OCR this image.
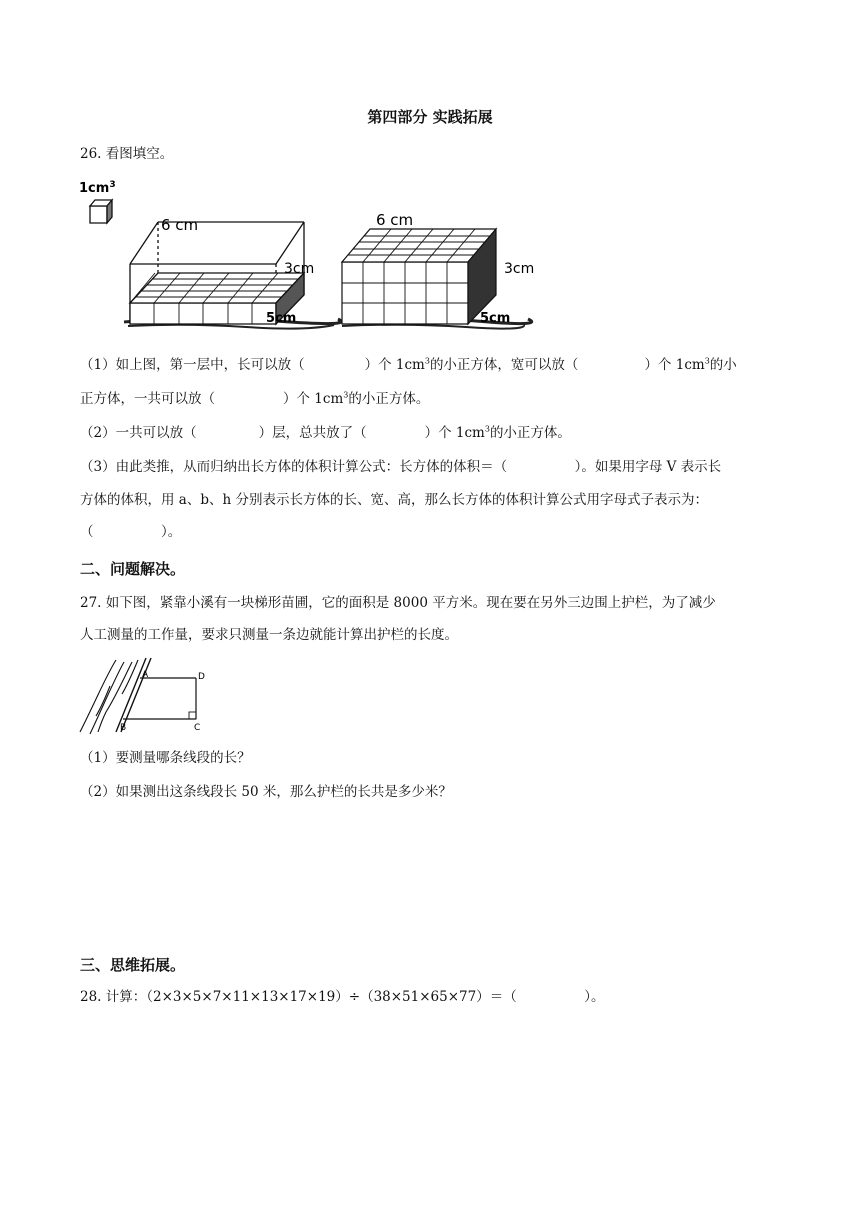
第四部分 实践拓展
26. 看图填空。
$1cm^3$
6 cm
3cm
5cm
6 cm
3cm
5cm
（1）如上图，第一层中，长可以放（	）个 $1cm^3$的小正方体，宽可以放（	）个 $1cm^3$的小
正方体，一共可以放（	）个 $1cm^3$的小正方体。
（2）一共可以放（	）层，总共放了（	）个 $1cm^3$的小正方体。
（3）由此类推，从而归纳出长方体的体积计算公式：长方体的体积＝（　　　　　）。如果用字母 V 表示长
方体的体积，用 a、b、h 分别表示长方体的长、宽、高，那么长方体的体积计算公式用字母式子表示为：
（　　　　　）。
二、问题解决。
27. 如下图，紧靠小溪有一块梯形苗圃，它的面积是 8000 平方米。现在要在另外三边围上护栏，为了减少
人工测量的工作量，要求只测量一条边就能计算出护栏的长度。
A	D
B	C
（1）要测量哪条线段的长？
（2）如果测出这条线段长 50 米，那么护栏的长共是多少米？
三、思维拓展。
28. 计算：（2×3×5×7×11×13×17×19）÷（38×51×65×77）＝（　　　　　）。
